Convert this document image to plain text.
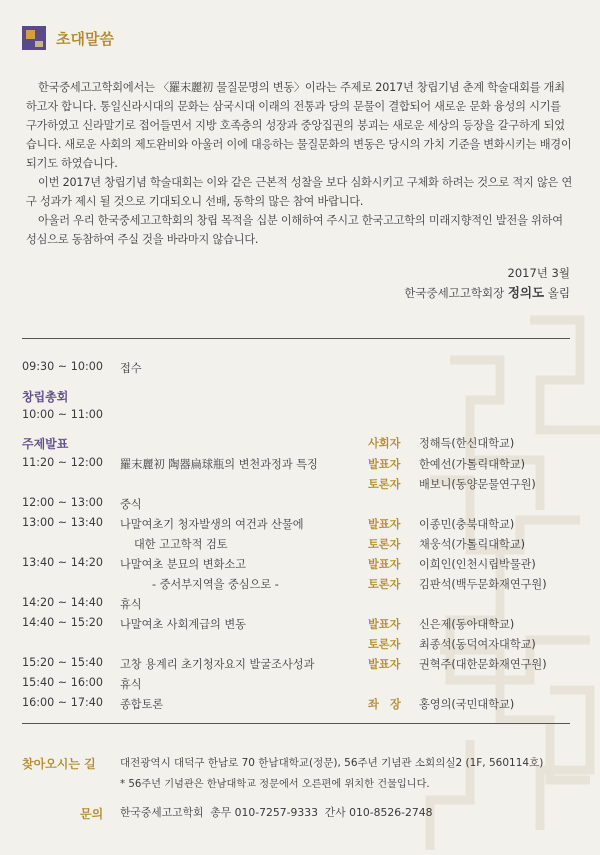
초대말씀

한국중세고고학회에서는 〈羅末麗初 물질문명의 변동〉이라는 주제로 2017년 창립기념 춘계 학술대회를 개최하고자 합니다. 통일신라시대의 문화는 삼국시대 이래의 전통과 당의 문물이 결합되어 새로운 문화 융성의 시기를 구가하였고 신라말기로 접어들면서 지방 호족층의 성장과 중앙집권의 붕괴는 새로운 세상의 등장을 갈구하게 되었습니다. 새로운 사회의 제도완비와 아울러 이에 대응하는 물질문화의 변동은 당시의 가치 기준을 변화시키는 배경이 되기도 하였습니다.

이번 2017년 창립기념 학술대회는 이와 같은 근본적 성찰을 보다 심화시키고 구체화 하려는 것으로 적지 않은 연구 성과가 제시 될 것으로 기대되오니 선배, 동학의 많은 참여 바랍니다.

아울러 우리 한국중세고고학회의 창립 목적을 십분 이해하여 주시고 한국고고학의 미래지향적인 발전을 위하여 성심으로 동참하여 주실 것을 바라마지 않습니다.

2017년 3월
한국중세고고학회장 정의도 올림
09:30 ~ 10:00 접수
창립총회
10:00 ~ 11:00
주제발표	사회자 정해득(한신대학교)
11:20 ~ 12:00 羅末麗初 陶器扁球瓶의 변천과정과 특징	발표자 한예선(가톨릭대학교)
토론자 배보니(동양문물연구원)
12:00 ~ 13:00 중식
13:00 ~ 13:40 나말여초기 청자발생의 여건과 산물에	발표자 이종민(충북대학교)
대한 고고학적 검토	토론자 채웅석(가톨릭대학교)
13:40 ~ 14:20 나말여초 분묘의 변화소고	발표자 이희인(인천시립박물관)
- 중서부지역을 중심으로 -	토론자 김판석(백두문화재연구원)
14:20 ~ 14:40 휴식
14:40 ~ 15:20 나말여초 사회계급의 변동	발표자 신은제(동아대학교)
토론자 최종석(동덕여자대학교)
15:20 ~ 15:40 고창 용계리 초기청자요지 발굴조사성과	발표자 권혁주(대한문화재연구원)
15:40 ~ 16:00 휴식
16:00 ~ 17:40 종합토론	좌　장 홍영의(국민대학교)
찾아오시는 길 대전광역시 대덕구 한남로 70 한남대학교(정문), 56주년 기념관 소회의실2 (1F, 560114호)
* 56주년 기념관은 한남대학교 정문에서 오른편에 위치한 건물입니다.
문의 한국중세고고학회  총무 010-7257-9333  간사 010-8526-2748
